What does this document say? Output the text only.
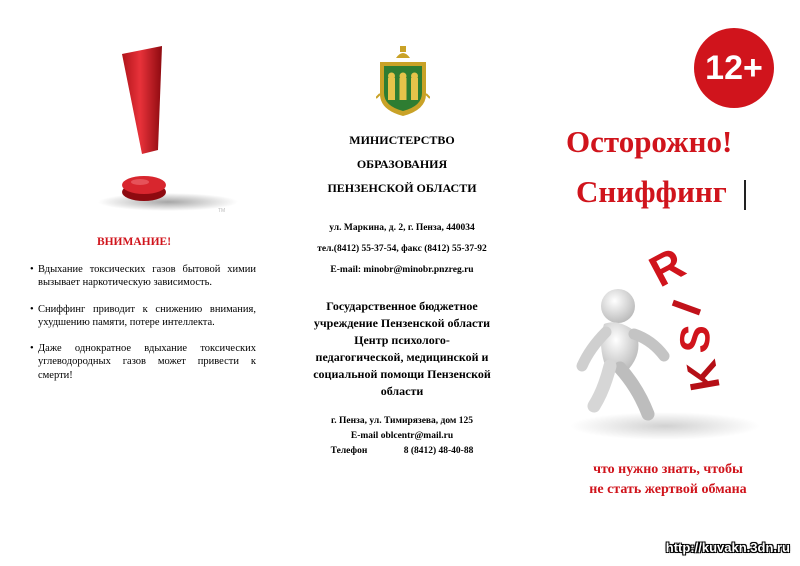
TM
ВНИМАНИЕ!
• Вдыхание токсических газов бытовой химии вызывает наркотическую зависимость.
• Сниффинг приводит к снижению внимания, ухудшению памяти, потере интеллекта.
• Даже однократное вдыхание токсических углеводородных газов может привести к смерти!
МИНИСТЕРСТВО
ОБРАЗОВАНИЯ
ПЕНЗЕНСКОЙ ОБЛАСТИ
ул. Маркина, д. 2, г. Пенза, 440034
тел.(8412) 55-37-54, факс (8412) 55-37-92
E-mail: minobr@minobr.pnzreg.ru
Государственное бюджетное
учреждение Пензенской области
Центр психолого-
педагогической, медицинской и
социальной помощи Пензенской
области
г. Пенза, ул. Тимирязева, дом 125
E-mail oblcentr@mail.ru
Телефон	8 (8412) 48-40-88
12+
Осторожно!
Сниффинг
R
I
S
K
что нужно знать, чтобы
не стать жертвой обмана
http://kuvakn.3dn.ru
